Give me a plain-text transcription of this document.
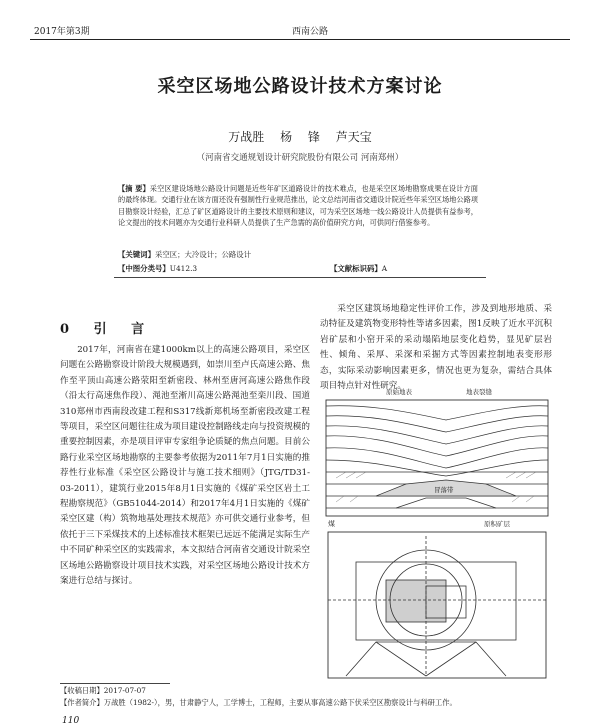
2017年第3期	西南公路
采空区场地公路设计技术方案讨论
万战胜 杨 锋 芦天宝
（河南省交通规划设计研究院股份有限公司 河南郑州）
【摘 要】采空区建设场地公路设计问题是近些年矿区道路设计的技术难点，也是采空区场地勘察成果在设计方面的最终体现。交通行业在该方面还没有强制性行业规范推出，论文总结河南省交通设计院近些年采空区场地公路项目勘察设计经验，汇总了矿区道路设计的主要技术原则和建议，可为采空区场地一线公路设计人员提供有益参考，论文提出的技术问题亦为交通行业科研人员提供了生产急需的高价值研究方向，可供同行借鉴参考。
【关键词】采空区；大冷设计；公路设计
【中图分类号】U412.3	【文献标识码】A
0 引 言

2017年，河南省在建1000km以上的高速公路项目，采空区问题在公路勘察设计阶段大规模遇到，如崇川至卢氏高速公路、焦作至平顶山高速公路荥阳至新密段、林州至唐河高速公路焦作段（沿太行高速焦作段）、渑池至淅川高速公路渑池至栾川段、国道310郑州市西南段改建工程和S317线新郑机场至新密段改建工程等项目，采空区问题往往成为项目建设控制路线走向与投资规模的重要控制因素，亦是项目评审专家组争论质疑的焦点问题。目前公路行业采空区场地勘察的主要参考依据为2011年7月1日实施的推荐性行业标准《采空区公路设计与施工技术细则》（JTG/TD31-03-2011），建筑行业2015年8月1日实施的《煤矿采空区岩土工程勘察规范》（GB51044-2014）和2017年4月1日实施的《煤矿采空区建（构）筑物地基处理技术规范》亦可供交通行业参考，但依托于三下采煤技术的上述标准技术框架已远远不能满足实际生产中不同矿种采空区的实践需求，本文拟结合河南省交通设计院采空区场地公路勘察设计项目技术实践，对采空区场地公路设计技术方案进行总结与探讨。

采空区建筑场地稳定性评价工作，涉及到地形地质、采动特征及建筑物变形特性等诸多因素，图1反映了近水平沉积岩矿层和小窑开采的采动塌陷地层变化趋势，显见矿层岩性、倾角、采厚、采深和采掘方式等因素控制地表变形形态，实际采动影响因素更多，情况也更为复杂，需结合具体项目特点针对性研究。

原始地表	地表裂缝
冒落带
煤	原积矿层
【收稿日期】2017-07-07
【作者简介】万战胜（1982-），男，甘肃静宁人，工学博士，工程师，主要从事高速公路下伏采空区勘察设计与科研工作。
110
